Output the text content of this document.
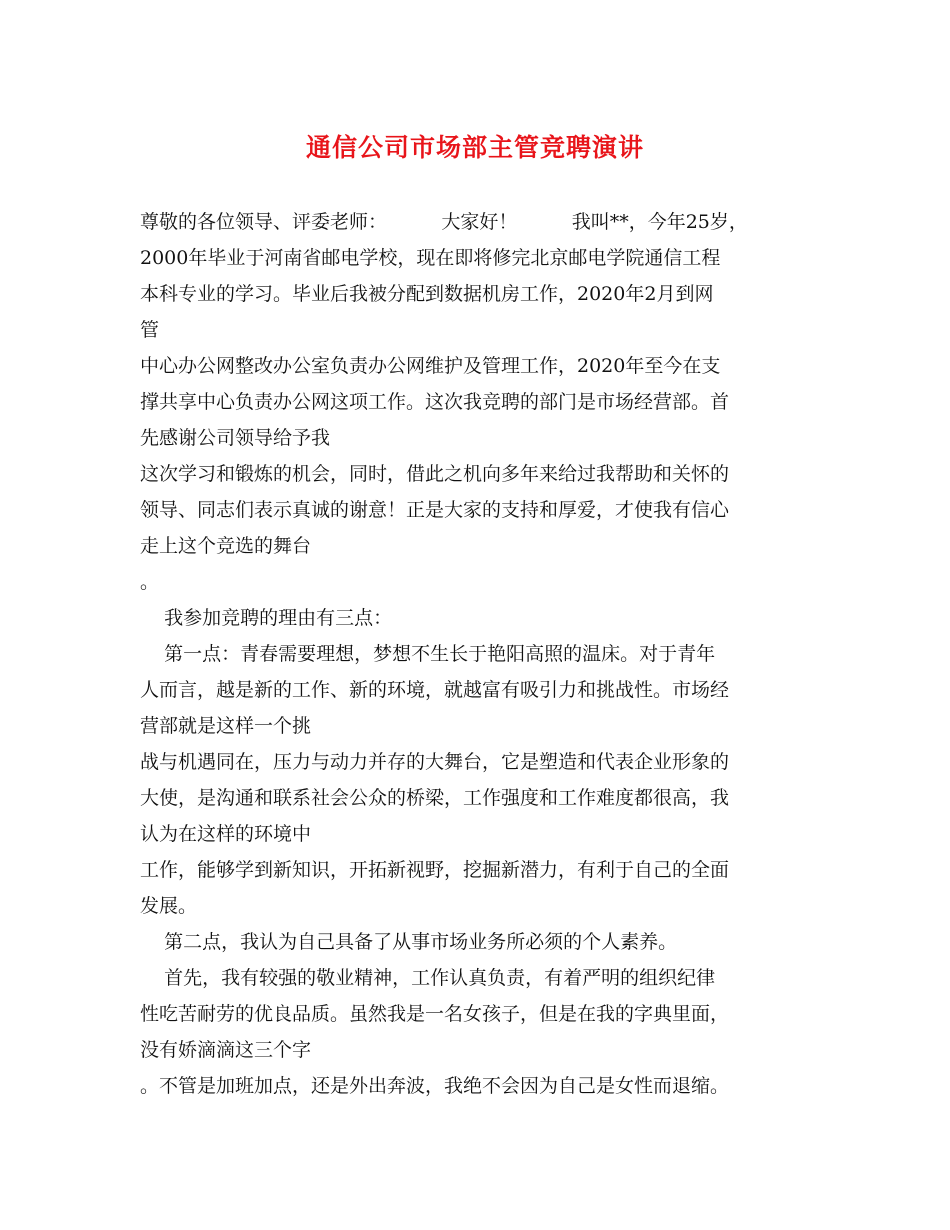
通信公司市场部主管竞聘演讲
尊敬的各位领导、评委老师：         大家好！         我叫**，今年25岁，
2000年毕业于河南省邮电学校，现在即将修完北京邮电学院通信工程
本科专业的学习。毕业后我被分配到数据机房工作，2020年2月到网
管
中心办公网整改办公室负责办公网维护及管理工作，2020年至今在支
撑共享中心负责办公网这项工作。这次我竞聘的部门是市场经营部。首
先感谢公司领导给予我
这次学习和锻炼的机会，同时，借此之机向多年来给过我帮助和关怀的
领导、同志们表示真诚的谢意！正是大家的支持和厚爱，才使我有信心
走上这个竞选的舞台
。
我参加竞聘的理由有三点：
第一点：青春需要理想，梦想不生长于艳阳高照的温床。对于青年
人而言，越是新的工作、新的环境，就越富有吸引力和挑战性。市场经
营部就是这样一个挑
战与机遇同在，压力与动力并存的大舞台，它是塑造和代表企业形象的
大使，是沟通和联系社会公众的桥梁，工作强度和工作难度都很高，我
认为在这样的环境中
工作，能够学到新知识，开拓新视野，挖掘新潜力，有利于自己的全面
发展。
第二点，我认为自己具备了从事市场业务所必须的个人素养。
首先，我有较强的敬业精神，工作认真负责，有着严明的组织纪律
性吃苦耐劳的优良品质。虽然我是一名女孩子，但是在我的字典里面，
没有娇滴滴这三个字
。不管是加班加点，还是外出奔波，我绝不会因为自己是女性而退缩。
